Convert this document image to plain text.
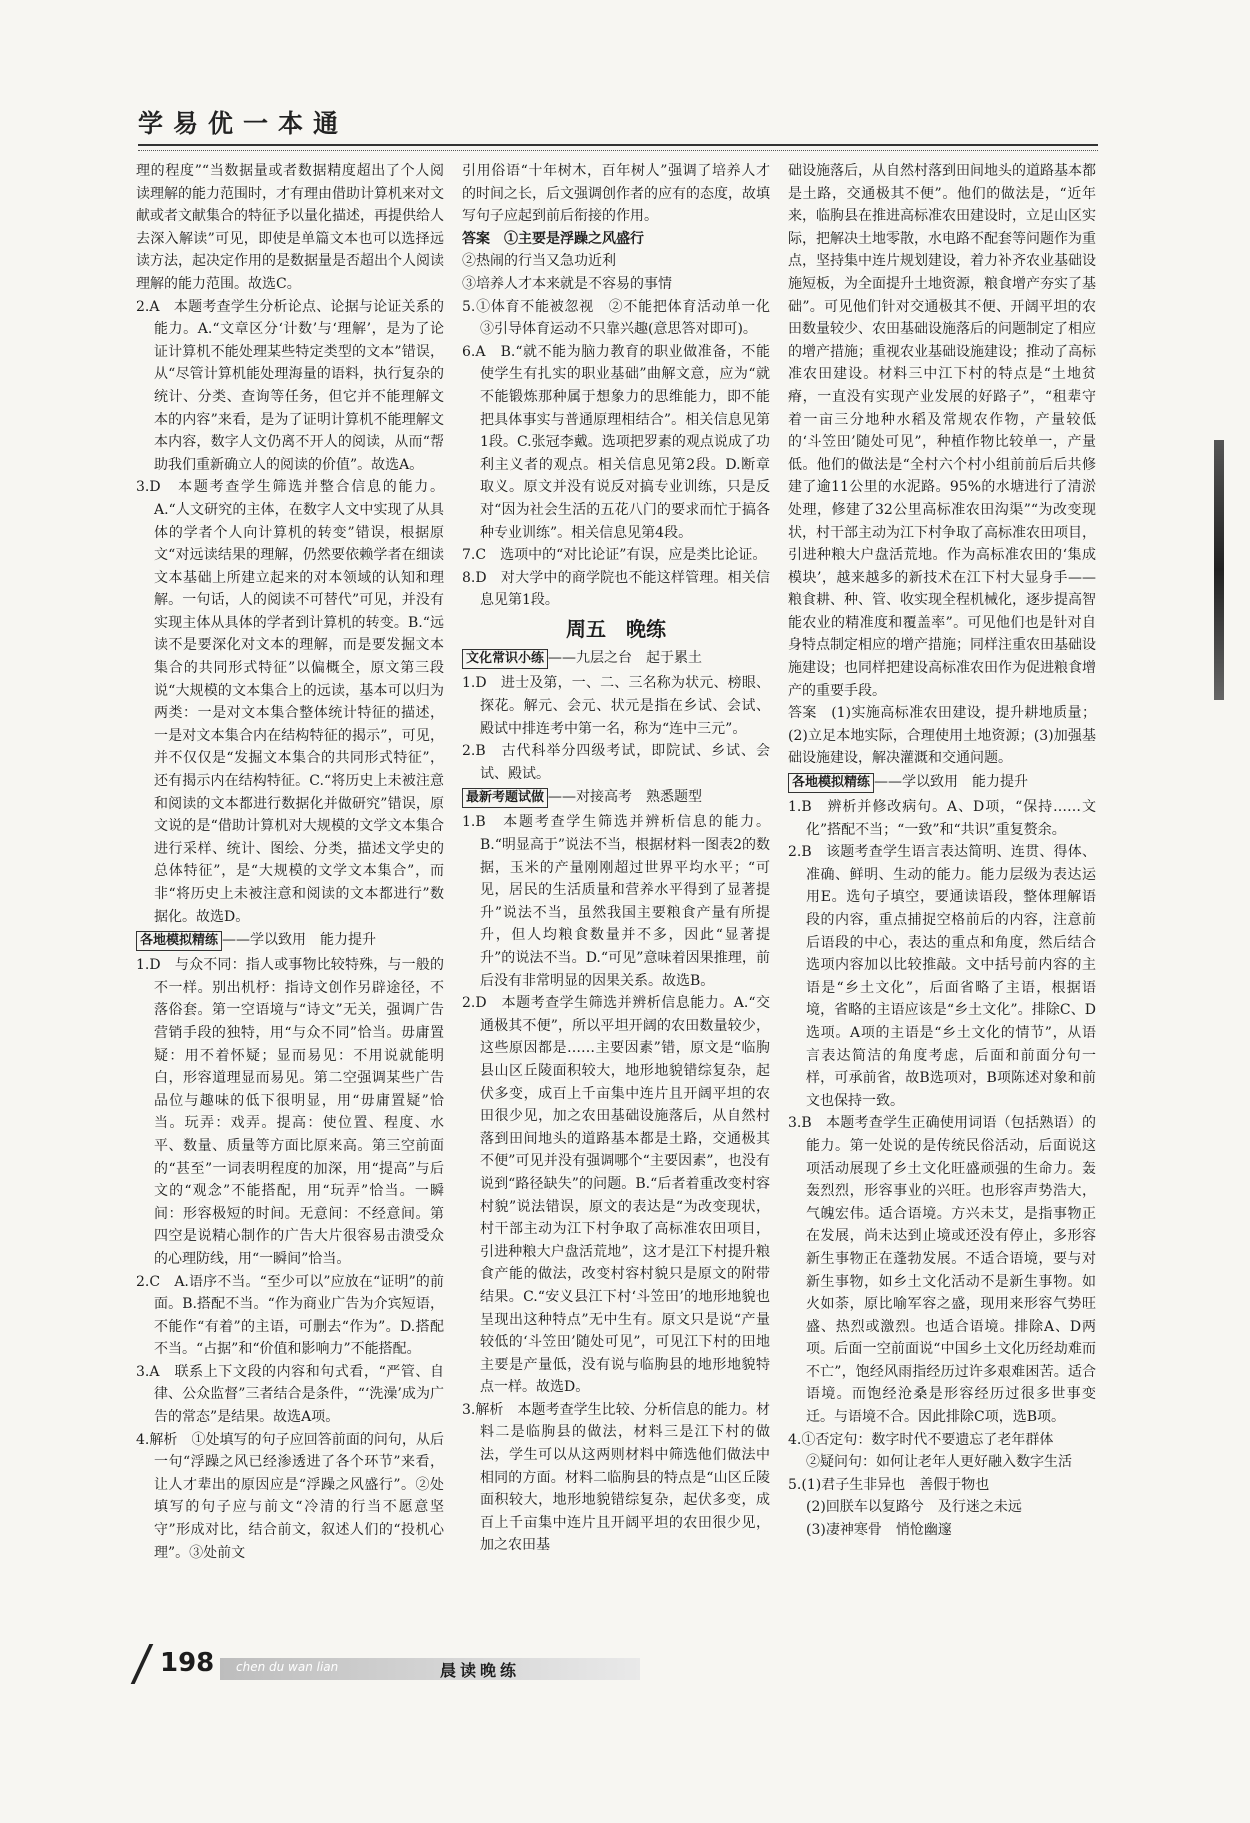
学易优一本通

理的程度”“当数据量或者数据精度超出了个人阅读理解的能力范围时，才有理由借助计算机来对文献或者文献集合的特征予以量化描述，再提供给人去深入解读”可见，即使是单篇文本也可以选择远读方法，起决定作用的是数据量是否超出个人阅读理解的能力范围。故选C。

2.A　本题考查学生分析论点、论据与论证关系的能力。A.“文章区分‘计数’与‘理解’，是为了论证计算机不能处理某些特定类型的文本”错误，从“尽管计算机能处理海量的语料，执行复杂的统计、分类、查询等任务，但它并不能理解文本的内容”来看，是为了证明计算机不能理解文本内容，数字人文仍离不开人的阅读，从而“帮助我们重新确立人的阅读的价值”。故选A。

3.D　本题考查学生筛选并整合信息的能力。A.“人文研究的主体，在数字人文中实现了从具体的学者个人向计算机的转变”错误，根据原文“对远读结果的理解，仍然要依赖学者在细读文本基础上所建立起来的对本领域的认知和理解。一句话，人的阅读不可替代”可见，并没有实现主体从具体的学者到计算机的转变。B.“远读不是要深化对文本的理解，而是要发掘文本集合的共同形式特征”以偏概全，原文第三段说“大规模的文本集合上的远读，基本可以归为两类：一是对文本集合整体统计特征的描述，一是对文本集合内在结构特征的揭示”，可见，并不仅仅是“发掘文本集合的共同形式特征”，还有揭示内在结构特征。C.“将历史上未被注意和阅读的文本都进行数据化并做研究”错误，原文说的是“借助计算机对大规模的文学文本集合进行采样、统计、图绘、分类，描述文学史的总体特征”，是“大规模的文学文本集合”，而非“将历史上未被注意和阅读的文本都进行”数据化。故选D。

各地模拟精练 ——学以致用　能力提升

1.D　与众不同：指人或事物比较特殊，与一般的不一样。别出机杼：指诗文创作另辟途径，不落俗套。第一空语境与“诗文”无关，强调广告营销手段的独特，用“与众不同”恰当。毋庸置疑：用不着怀疑；显而易见：不用说就能明白，形容道理显而易见。第二空强调某些广告品位与趣味的低下很明显，用“毋庸置疑”恰当。玩弄：戏弄。提高：使位置、程度、水平、数量、质量等方面比原来高。第三空前面的“甚至”一词表明程度的加深，用“提高”与后文的“观念”不能搭配，用“玩弄”恰当。一瞬间：形容极短的时间。无意间：不经意间。第四空是说精心制作的广告大片很容易击溃受众的心理防线，用“一瞬间”恰当。

2.C　A.语序不当。“至少可以”应放在“证明”的前面。B.搭配不当。“作为商业广告为介宾短语，不能作“有着”的主语，可删去“作为”。D.搭配不当。“占据”和“价值和影响力”不能搭配。

3.A　联系上下文段的内容和句式看，“严管、自律、公众监督”三者结合是条件，“‘洗澡’成为广告的常态”是结果。故选A项。

4.解析　①处填写的句子应回答前面的问句，从后一句“浮躁之风已经渗透进了各个环节”来看，让人才辈出的原因应是“浮躁之风盛行”。②处填写的句子应与前文“冷清的行当不愿意坚守”形成对比，结合前文，叙述人们的“投机心理”。③处前文

引用俗语“十年树木，百年树人”强调了培养人才的时间之长，后文强调创作者的应有的态度，故填写句子应起到前后衔接的作用。

答案　①主要是浮躁之风盛行

②热闹的行当又急功近利

③培养人才本来就是不容易的事情

5.①体育不能被忽视　②不能把体育活动单一化　③引导体育运动不只靠兴趣(意思答对即可)。

6.A　B.“就不能为脑力教育的职业做准备，不能使学生有扎实的职业基础”曲解文意，应为“就不能锻炼那种属于想象力的思维能力，即不能把具体事实与普通原理相结合”。相关信息见第1段。C.张冠李戴。选项把罗素的观点说成了功利主义者的观点。相关信息见第2段。D.断章取义。原文并没有说反对搞专业训练，只是反对“因为社会生活的五花八门的要求而忙于搞各种专业训练”。相关信息见第4段。

7.C　选项中的“对比论证”有误，应是类比论证。

8.D　对大学中的商学院也不能这样管理。相关信息见第1段。

周五　晚练

文化常识小练 ——九层之台　起于累土

1.D　进士及第，一、二、三名称为状元、榜眼、探花。解元、会元、状元是指在乡试、会试、殿试中排连考中第一名，称为“连中三元”。

2.B　古代科举分四级考试，即院试、乡试、会试、殿试。

最新考题试做 ——对接高考　熟悉题型

1.B　本题考查学生筛选并辨析信息的能力。B.“明显高于”说法不当，根据材料一图表2的数据，玉米的产量刚刚超过世界平均水平；“可见，居民的生活质量和营养水平得到了显著提升”说法不当，虽然我国主要粮食产量有所提升，但人均粮食数量并不多，因此“显著提升”的说法不当。D.“可见”意味着因果推理，前后没有非常明显的因果关系。故选B。

2.D　本题考查学生筛选并辨析信息能力。A.“交通极其不便”，所以平坦开阔的农田数量较少，这些原因都是……主要因素”错，原文是“临朐县山区丘陵面积较大，地形地貌错综复杂，起伏多变，成百上千亩集中连片且开阔平坦的农田很少见，加之农田基础设施落后，从自然村落到田间地头的道路基本都是土路，交通极其不便”可见并没有强调哪个“主要因素”，也没有说到“路径缺失”的问题。B.“后者着重改变村容村貌”说法错误，原文的表达是“为改变现状，村干部主动为江下村争取了高标准农田项目，引进种粮大户盘活荒地”，这才是江下村提升粮食产能的做法，改变村容村貌只是原文的附带结果。C.“安义县江下村‘斗笠田’的地形地貌也呈现出这种特点”无中生有。原文只是说“产量较低的‘斗笠田’随处可见”，可见江下村的田地主要是产量低，没有说与临朐县的地形地貌特点一样。故选D。

3.解析　本题考查学生比较、分析信息的能力。材料二是临朐县的做法，材料三是江下村的做法，学生可以从这两则材料中筛选他们做法中相同的方面。材料二临朐县的特点是“山区丘陵面积较大，地形地貌错综复杂，起伏多变，成百上千亩集中连片且开阔平坦的农田很少见，加之农田基

础设施落后，从自然村落到田间地头的道路基本都是土路，交通极其不便”。他们的做法是，“近年来，临朐县在推进高标准农田建设时，立足山区实际，把解决土地零散，水电路不配套等问题作为重点，坚持集中连片规划建设，着力补齐农业基础设施短板，为全面提升土地资源，粮食增产夯实了基础”。可见他们针对交通极其不便、开阔平坦的农田数量较少、农田基础设施落后的问题制定了相应的增产措施；重视农业基础设施建设；推动了高标准农田建设。材料三中江下村的特点是“土地贫瘠，一直没有实现产业发展的好路子”，“租辈守着一亩三分地种水稻及常规农作物，产量较低的‘斗笠田’随处可见”，种植作物比较单一，产量低。他们的做法是“全村六个村小组前前后后共修建了逾11公里的水泥路。95%的水塘进行了清淤处理，修建了32公里高标准农田沟渠”“为改变现状，村干部主动为江下村争取了高标准农田项目，引进种粮大户盘活荒地。作为高标准农田的‘集成模块’，越来越多的新技术在江下村大显身手——粮食耕、种、管、收实现全程机械化，逐步提高智能农业的精准度和覆盖率”。可见他们也是针对自身特点制定相应的增产措施；同样注重农田基础设施建设；也同样把建设高标准农田作为促进粮食增产的重要手段。

答案　(1)实施高标准农田建设，提升耕地质量；(2)立足本地实际，合理使用土地资源；(3)加强基础设施建设，解决灌溉和交通问题。

各地模拟精练 ——学以致用　能力提升

1.B　辨析并修改病句。A、D项，“保持……文化”搭配不当；“一致”和“共识”重复赘余。

2.B　该题考查学生语言表达简明、连贯、得体、准确、鲜明、生动的能力。能力层级为表达运用E。选句子填空，要通读语段，整体理解语段的内容，重点捕捉空格前后的内容，注意前后语段的中心，表达的重点和角度，然后结合选项内容加以比较推敲。文中括号前内容的主语是“乡土文化”，后面省略了主语，根据语境，省略的主语应该是“乡土文化”。排除C、D选项。A项的主语是“乡土文化的情节”，从语言表达简洁的角度考虑，后面和前面分句一样，可承前省，故B选项对，B项陈述对象和前文也保持一致。

3.B　本题考查学生正确使用词语（包括熟语）的能力。第一处说的是传统民俗活动，后面说这项活动展现了乡土文化旺盛顽强的生命力。轰轰烈烈，形容事业的兴旺。也形容声势浩大，气魄宏伟。适合语境。方兴未艾，是指事物正在发展，尚未达到止境或还没有停止，多形容新生事物正在蓬勃发展。不适合语境，要与对新生事物，如乡土文化活动不是新生事物。如火如荼，原比喻军容之盛，现用来形容气势旺盛、热烈或激烈。也适合语境。排除A、D两项。后面一空前面说“中国乡土文化历经劫难而不亡”，饱经风雨指经历过许多艰难困苦。适合语境。而饱经沧桑是形容经历过很多世事变迁。与语境不合。因此排除C项，选B项。

4.①否定句：数字时代不要遗忘了老年群体

②疑问句：如何让老年人更好融入数字生活

5.(1)君子生非异也　善假于物也

(2)回朕车以复路兮　及行迷之未远

(3)凄神寒骨　悄怆幽邃

198 chen du wan lian	晨读晚练
